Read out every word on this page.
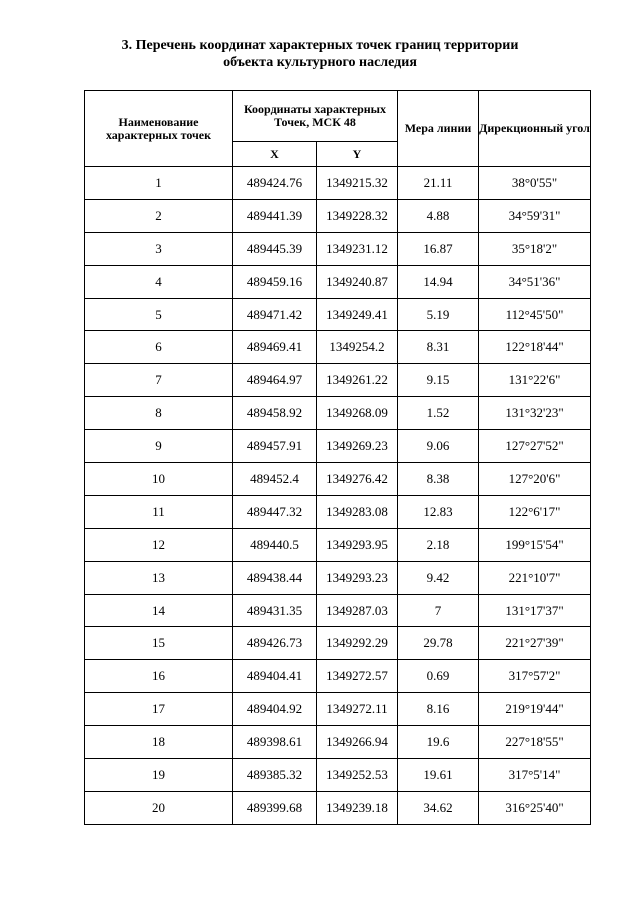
3. Перечень координат характерных точек границ территории
объекта культурного наследия
Наименование характерных точек	Координаты характерных Точек, МСК 48		Мера линии	Дирекционный угол
	X	Y		
1	489424.76	1349215.32	21.11	38°0'55"
2	489441.39	1349228.32	4.88	34°59'31"
3	489445.39	1349231.12	16.87	35°18'2"
4	489459.16	1349240.87	14.94	34°51'36"
5	489471.42	1349249.41	5.19	112°45'50"
6	489469.41	1349254.2	8.31	122°18'44"
7	489464.97	1349261.22	9.15	131°22'6"
8	489458.92	1349268.09	1.52	131°32'23"
9	489457.91	1349269.23	9.06	127°27'52"
10	489452.4	1349276.42	8.38	127°20'6"
11	489447.32	1349283.08	12.83	122°6'17"
12	489440.5	1349293.95	2.18	199°15'54"
13	489438.44	1349293.23	9.42	221°10'7"
14	489431.35	1349287.03	7	131°17'37"
15	489426.73	1349292.29	29.78	221°27'39"
16	489404.41	1349272.57	0.69	317°57'2"
17	489404.92	1349272.11	8.16	219°19'44"
18	489398.61	1349266.94	19.6	227°18'55"
19	489385.32	1349252.53	19.61	317°5'14"
20	489399.68	1349239.18	34.62	316°25'40"
